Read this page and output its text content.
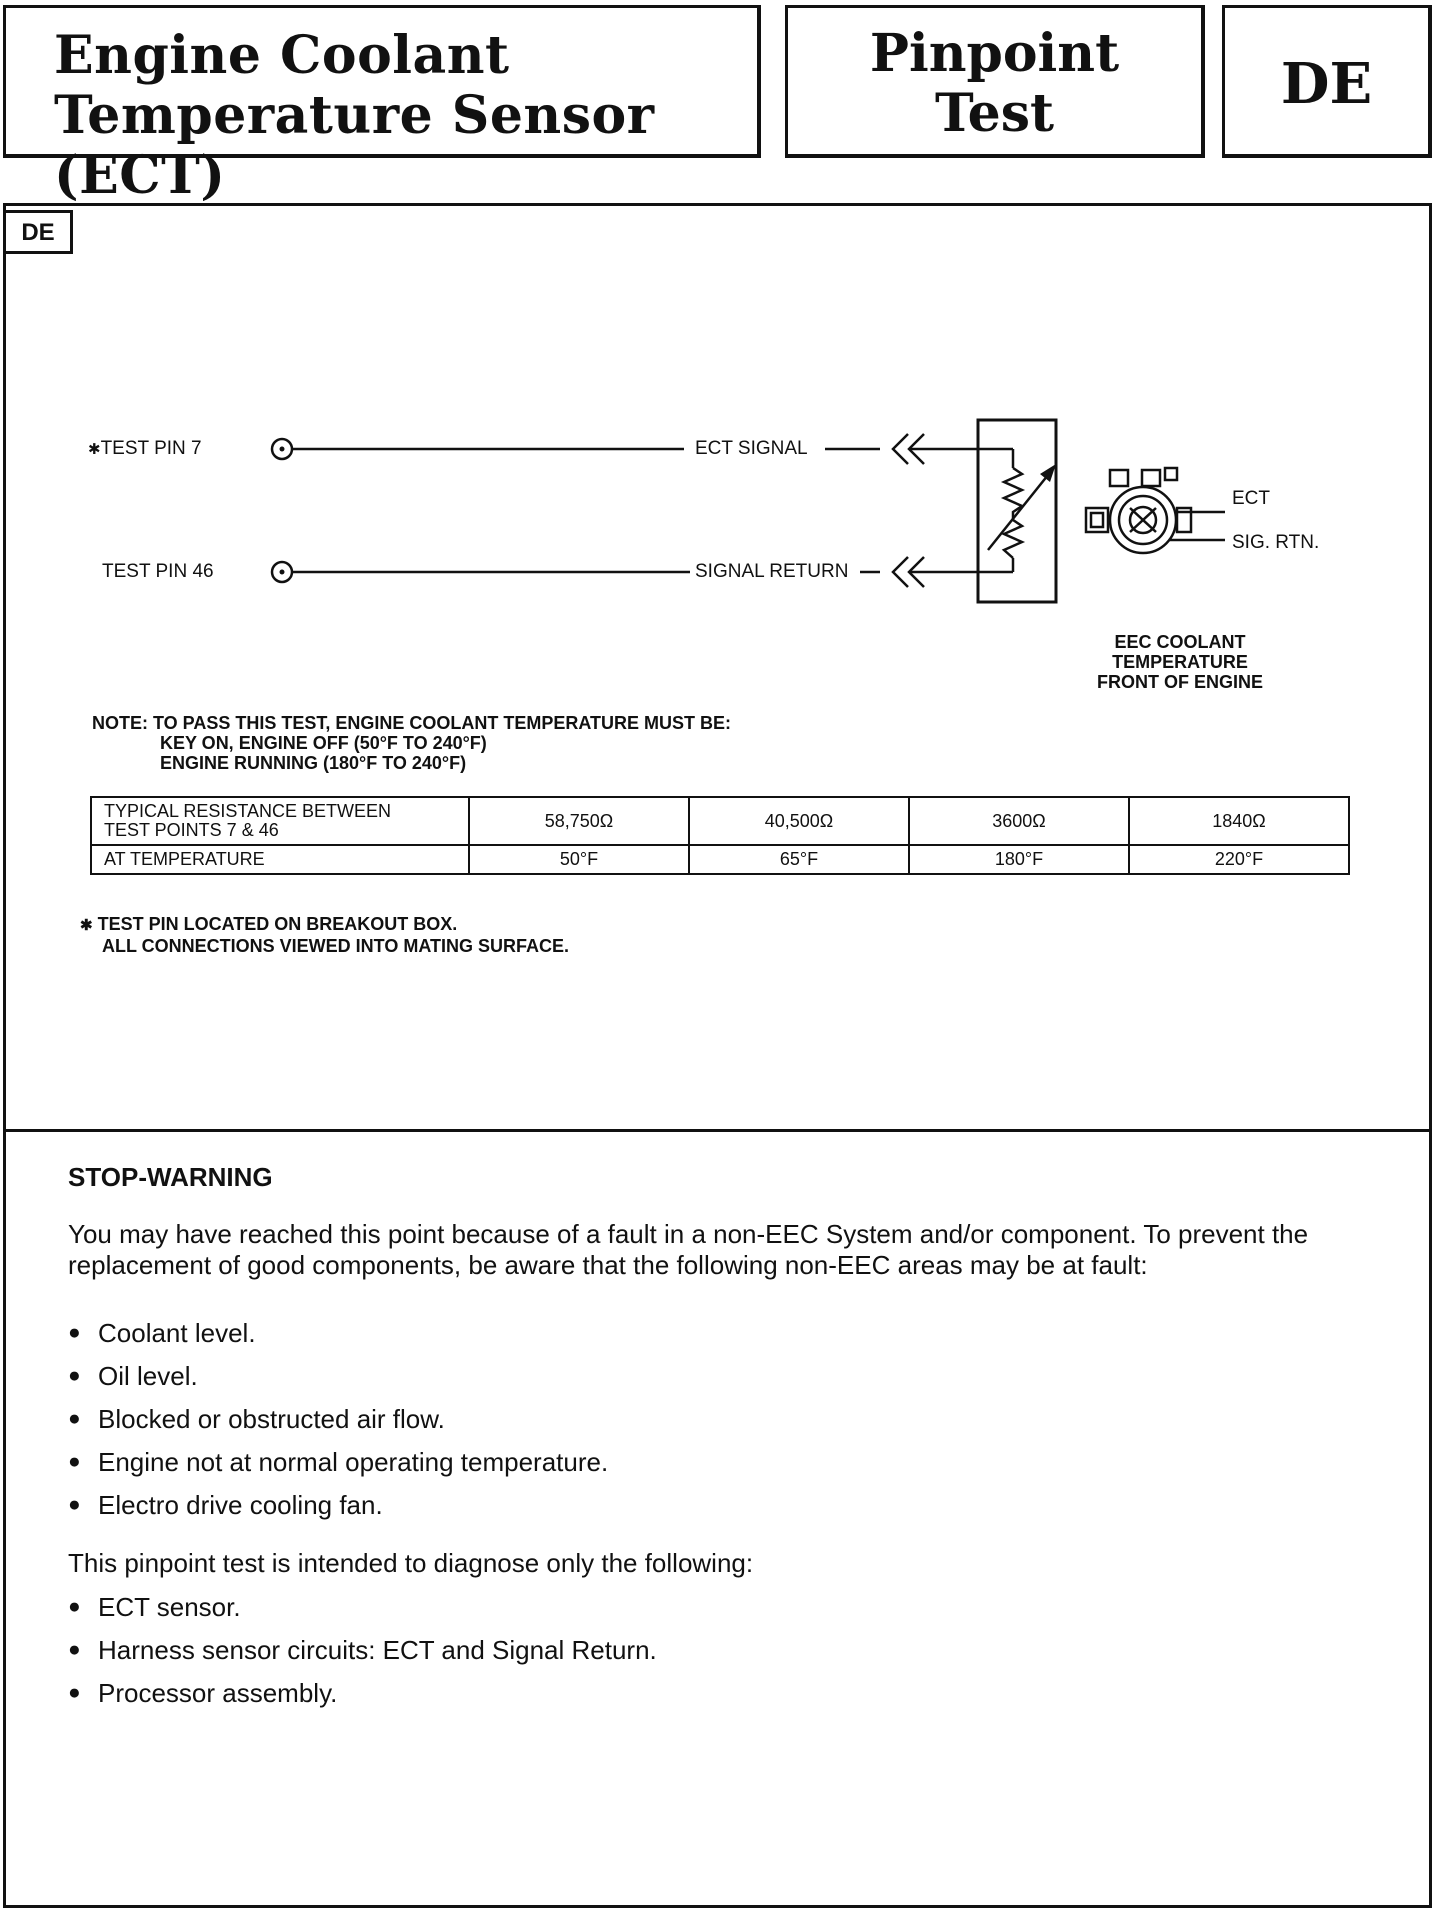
Engine Coolant
Temperature Sensor (ECT)
Pinpoint
Test	DE
DE
✱TEST PIN 7
TEST PIN 46
ECT SIGNAL
SIGNAL RETURN
ECT
SIG. RTN.
EEC COOLANT
TEMPERATURE
FRONT OF ENGINE
NOTE: TO PASS THIS TEST, ENGINE COOLANT TEMPERATURE MUST BE:
KEY ON, ENGINE OFF (50°F TO 240°F)
ENGINE RUNNING (180°F TO 240°F)
TYPICAL RESISTANCE BETWEEN
TEST POINTS 7 & 46	58,750Ω	40,500Ω	3600Ω	1840Ω
AT TEMPERATURE	50°F	65°F	180°F	220°F
✱ TEST PIN LOCATED ON BREAKOUT BOX.
ALL CONNECTIONS VIEWED INTO MATING SURFACE.
STOP-WARNING

You may have reached this point because of a fault in a non-EEC System and/or component. To prevent the replacement of good components, be aware that the following non-EEC areas may be at fault:

● Coolant level.
● Oil level.
● Blocked or obstructed air flow.
● Engine not at normal operating temperature.
● Electro drive cooling fan.

This pinpoint test is intended to diagnose only the following:

● ECT sensor.
● Harness sensor circuits: ECT and Signal Return.
● Processor assembly.
